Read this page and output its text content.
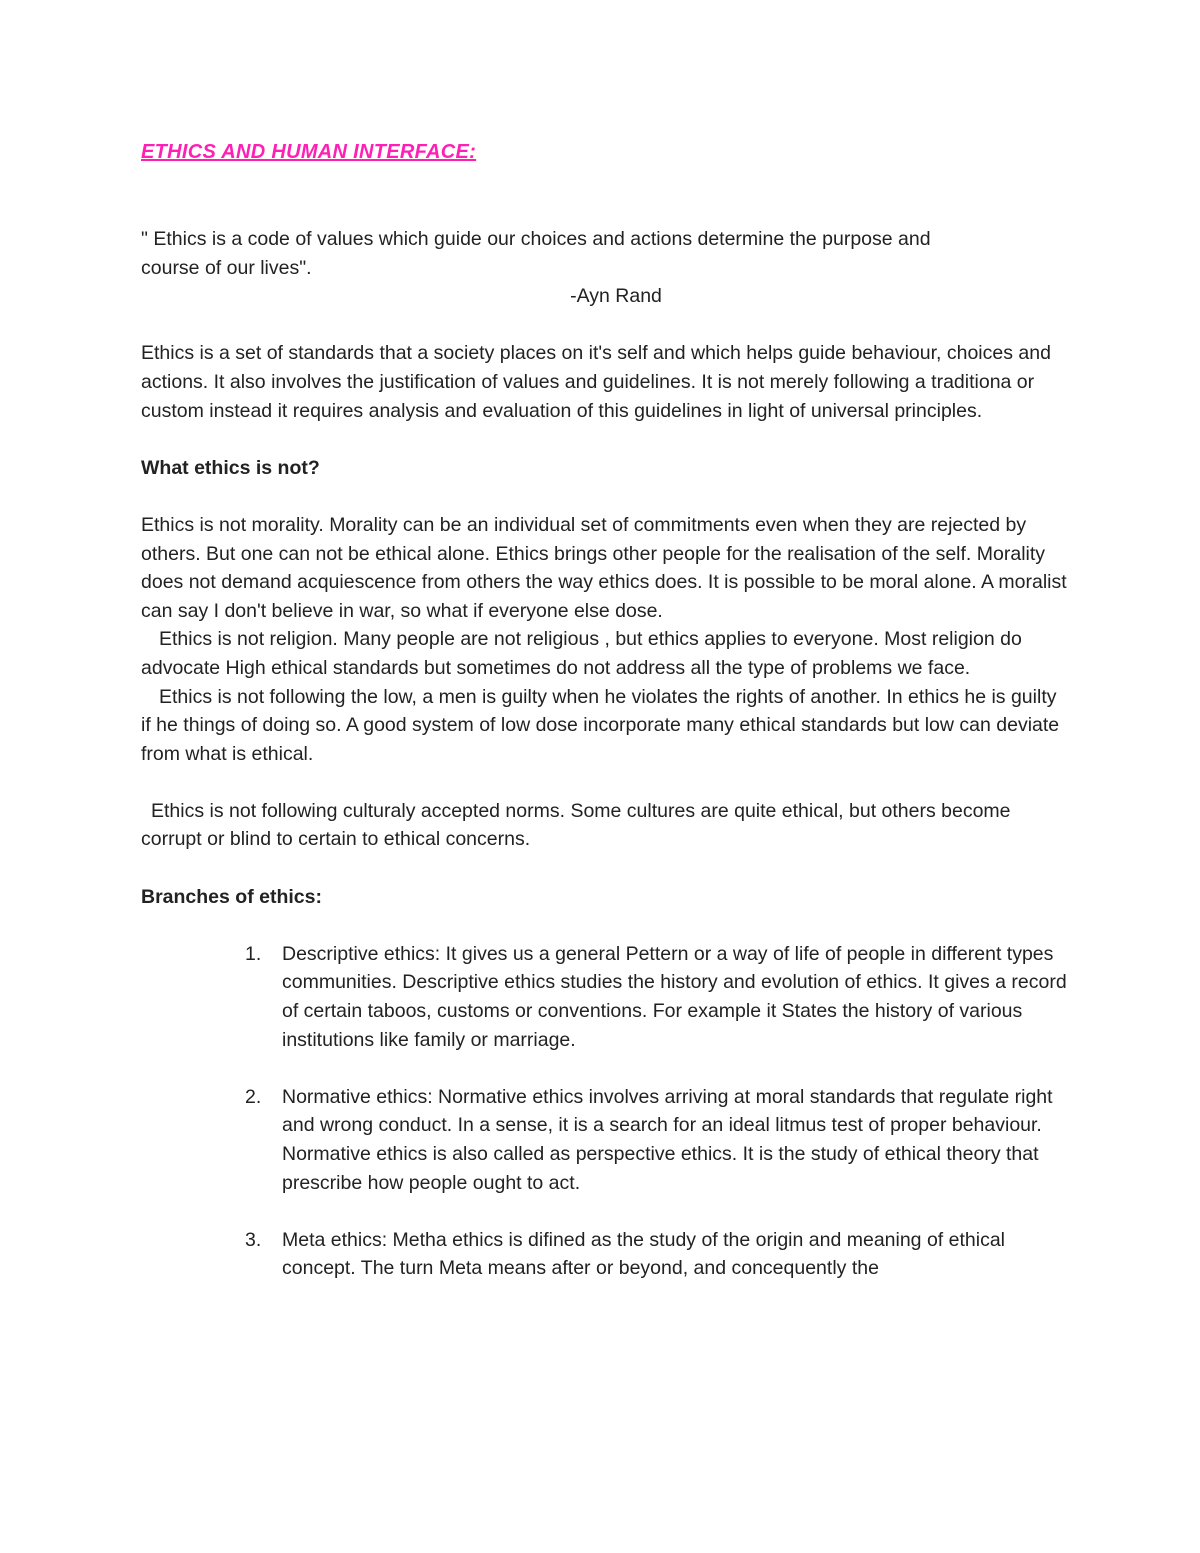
ETHICS AND HUMAN INTERFACE:

" Ethics is a code of values which guide our choices and actions determine the purpose and
course of our lives".
-Ayn Rand

Ethics is a set of standards that a society places on it's self and which helps guide behaviour, choices and actions. It also involves the justification of values and guidelines. It is not merely following a traditiona or custom instead it requires analysis and evaluation of this guidelines in light of universal principles.

What ethics is not?

Ethics is not morality. Morality can be an individual set of commitments even when they are rejected by others. But one can not be ethical alone. Ethics brings other people for the realisation of the self. Morality does not demand acquiescence from others the way ethics does. It is possible to be moral alone. A moralist can say I don't believe in war, so what if everyone else dose.

Ethics is not religion. Many people are not religious , but ethics applies to everyone. Most religion do advocate High ethical standards but sometimes do not address all the type of problems we face.

Ethics is not following the low, a men is guilty when he violates the rights of another. In ethics he is guilty if he things of doing so. A good system of low dose incorporate many ethical standards but low can deviate from what is ethical.

Ethics is not following culturaly accepted norms. Some cultures are quite ethical, but others become corrupt or blind to certain to ethical concerns.

Branches of ethics:

1. Descriptive ethics: It gives us a general Pettern or a way of life of people in different types communities. Descriptive ethics studies the history and evolution of ethics. It gives a record of certain taboos, customs or conventions. For example it States the history of various institutions like family or marriage.
2. Normative ethics: Normative ethics involves arriving at moral standards that regulate right and wrong conduct. In a sense, it is a search for an ideal litmus test of proper behaviour. Normative ethics is also called as perspective ethics. It is the study of ethical theory that prescribe how people ought to act.
3. Meta ethics: Metha ethics is difined as the study of the origin and meaning of ethical concept. The turn Meta means after or beyond, and concequently the
